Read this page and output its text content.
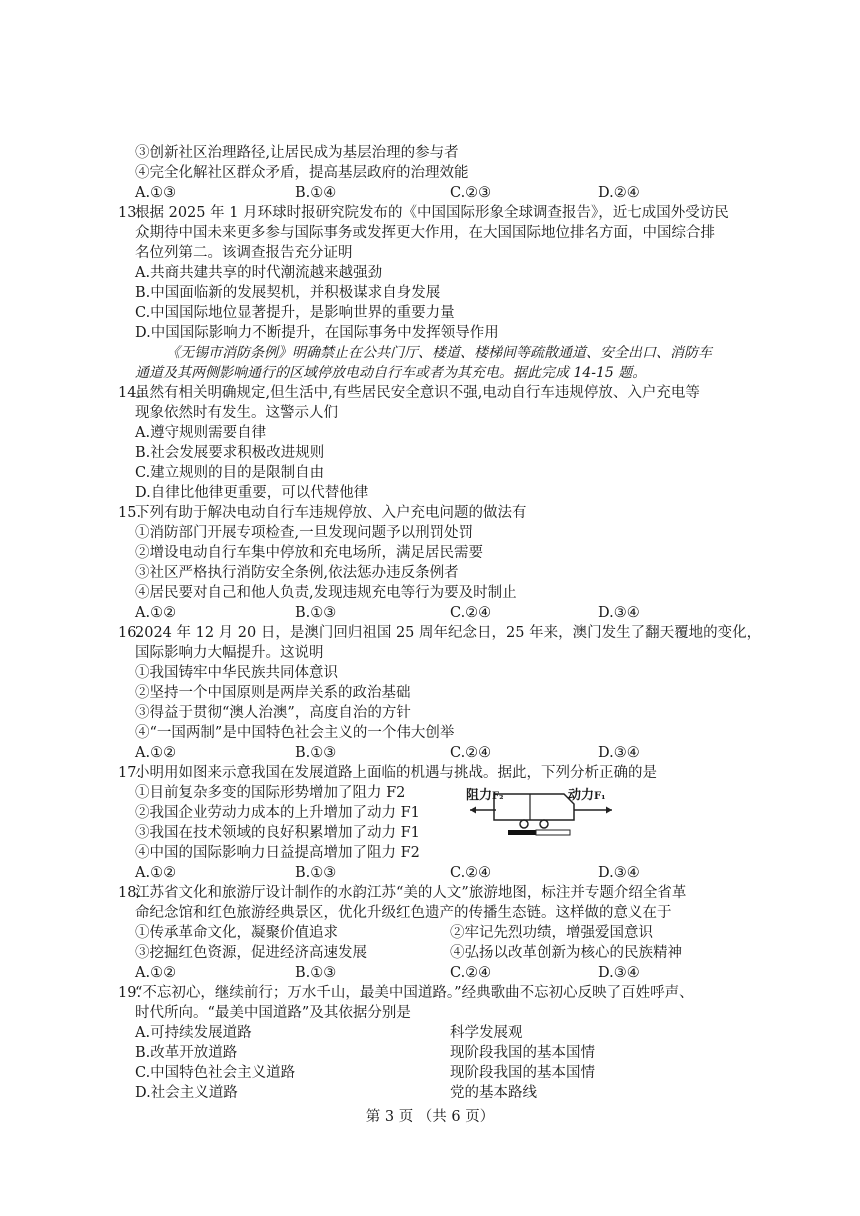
③创新社区治理路径,让居民成为基层治理的参与者
④完全化解社区群众矛盾，提高基层政府的治理效能
A.①③	B.①④	C.②③	D.②④
13.
根据 2025 年 1 月环球时报研究院发布的《中国国际形象全球调查报告》，近七成国外受访民
众期待中国未来更多参与国际事务或发挥更大作用，在大国国际地位排名方面，中国综合排
名位列第二。该调查报告充分证明
A.共商共建共享的时代潮流越来越强劲
B.中国面临新的发展契机，并积极谋求自身发展
C.中国国际地位显著提升，是影响世界的重要力量
D.中国国际影响力不断提升，在国际事务中发挥领导作用
《无锡市消防条例》明确禁止在公共门厅、楼道、楼梯间等疏散通道、安全出口、消防车
通道及其两侧影响通行的区域停放电动自行车或者为其充电。据此完成 14-15 题。
14.
虽然有相关明确规定,但生活中,有些居民安全意识不强,电动自行车违规停放、入户充电等
现象依然时有发生。这警示人们
A.遵守规则需要自律
B.社会发展要求积极改进规则
C.建立规则的目的是限制自由
D.自律比他律更重要，可以代替他律
15.
下列有助于解决电动自行车违规停放、入户充电问题的做法有
①消防部门开展专项检查,一旦发现问题予以刑罚处罚
②增设电动自行车集中停放和充电场所，满足居民需要
③社区严格执行消防安全条例,依法惩办违反条例者
④居民要对自己和他人负责,发现违规充电等行为要及时制止
A.①②	B.①③	C.②④	D.③④
16.
2024 年 12 月 20 日，是澳门回归祖国 25 周年纪念日，25 年来，澳门发生了翻天覆地的变化，
国际影响力大幅提升。这说明
①我国铸牢中华民族共同体意识
②坚持一个中国原则是两岸关系的政治基础
③得益于贯彻“澳人治澳”，高度自治的方针
④“一国两制”是中国特色社会主义的一个伟大创举
A.①②	B.①③	C.②④	D.③④
17.
小明用如图来示意我国在发展道路上面临的机遇与挑战。据此，下列分析正确的是
①目前复杂多变的国际形势增加了阻力 F2
②我国企业劳动力成本的上升增加了动力 F1
③我国在技术领域的良好积累增加了动力 F1
④中国的国际影响力日益提高增加了阻力 F2
阻力F₂	动力F₁
A.①②	B.①③	C.②④	D.③④
18.
江苏省文化和旅游厅设计制作的水韵江苏“美的人文”旅游地图，标注并专题介绍全省革
命纪念馆和红色旅游经典景区，优化升级红色遗产的传播生态链。这样做的意义在于
①传承革命文化，凝聚价值追求	②牢记先烈功绩，增强爱国意识
③挖掘红色资源，促进经济高速发展	④弘扬以改革创新为核心的民族精神
A.①②	B.①③	C.②④	D.③④
19.
“不忘初心，继续前行；万水千山，最美中国道路。”经典歌曲不忘初心反映了百姓呼声、
时代所向。“最美中国道路”及其依据分别是
A.可持续发展道路	科学发展观
B.改革开放道路	现阶段我国的基本国情
C.中国特色社会主义道路	现阶段我国的基本国情
D.社会主义道路	党的基本路线
第 3 页 （共 6 页）
